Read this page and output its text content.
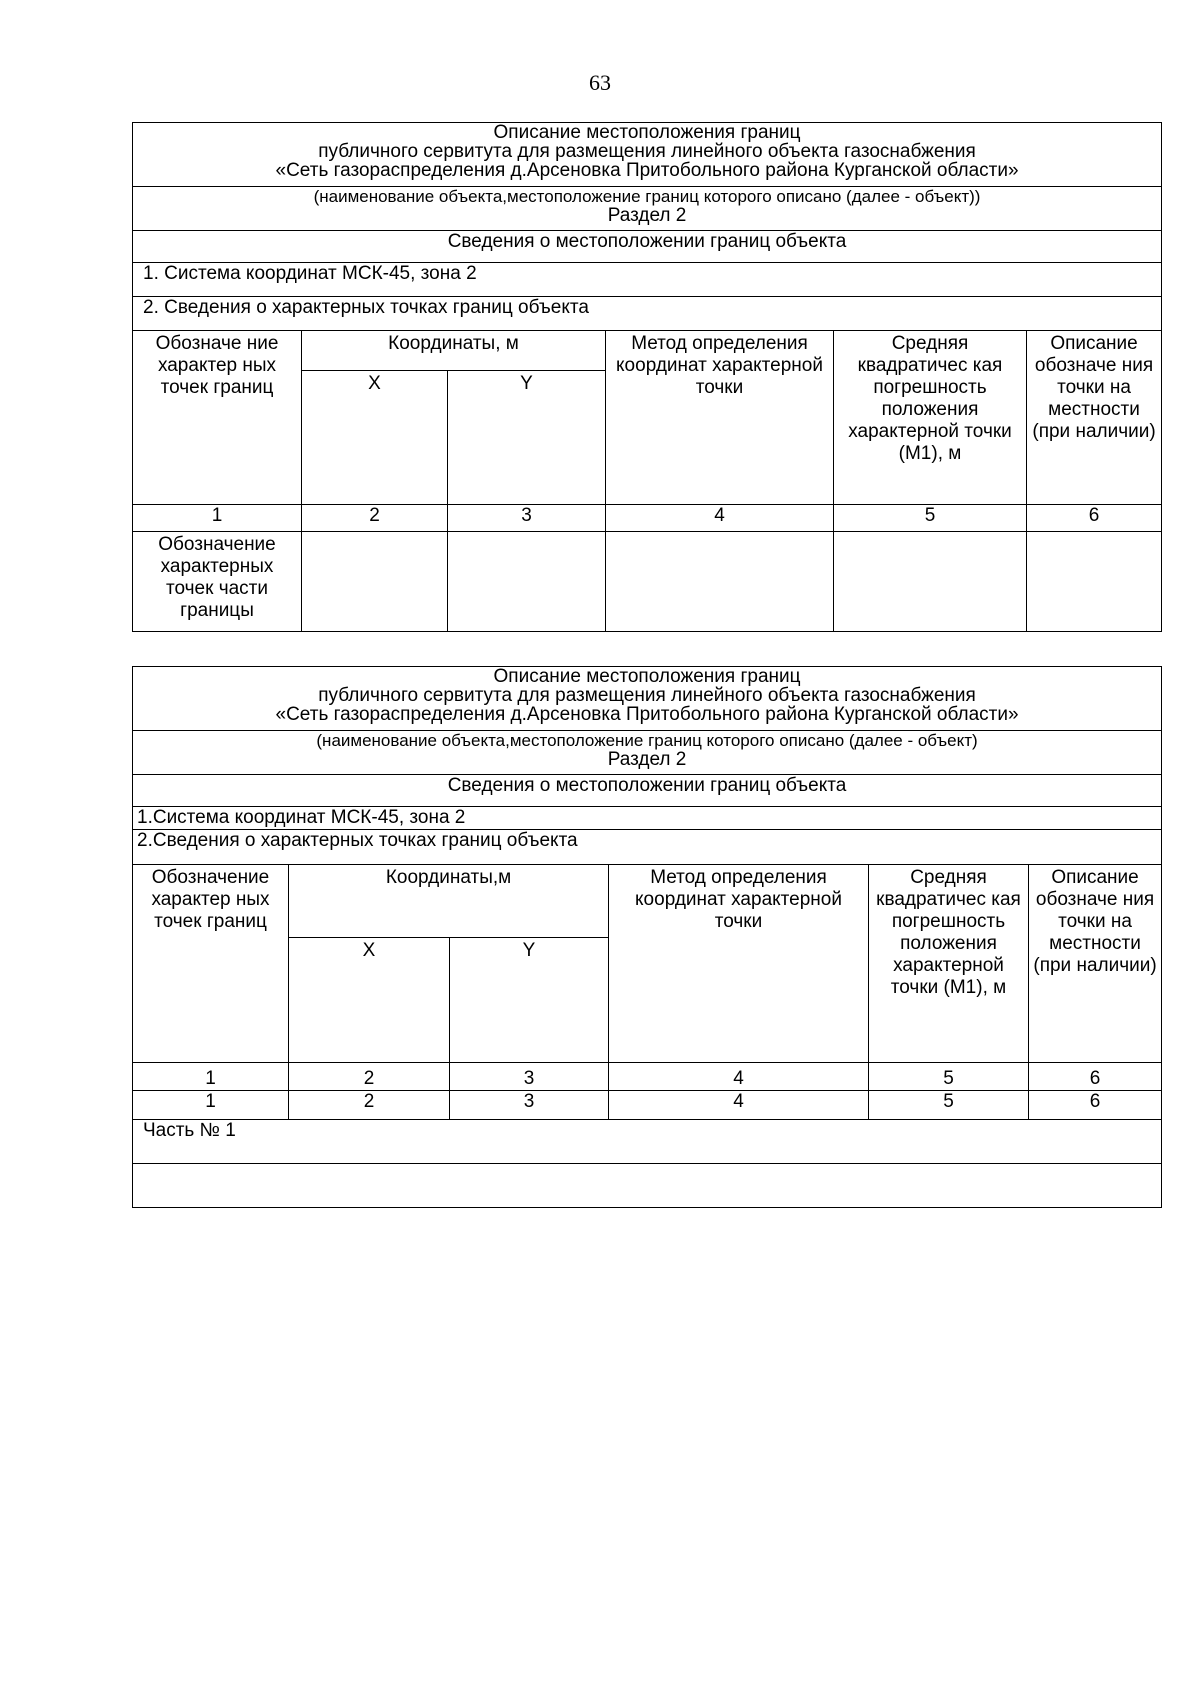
63
Описание местоположения границ
публичного сервитута для размещения линейного объекта газоснабжения
«Сеть газораспределения д.Арсеновка Притобольного района Курганской области»					

(наименование объекта,местоположение границ которого описано (далее - объект))
Раздел 2					

Сведения о местоположении границ объекта					
1. Система координат МСК-45, зона 2					
2. Сведения о характерных точках границ объекта					
Обозначе ние характер ных точек границ	Координаты, м		Метод определения координат характерной точки	Средняя квадратичес кая погрешность положения характерной точки (М1), м	Описание обозначе ния точки на местности (при наличии)
	X	Y			
1	2	3	4	5	6
Обозначение характерных точек части границы					
Описание местоположения границ
публичного сервитута для размещения линейного объекта газоснабжения
«Сеть газораспределения д.Арсеновка Притобольного района Курганской области»					

(наименование объекта,местоположение границ которого описано (далее - объект)
Раздел 2					

Сведения о местоположении границ объекта					
1.Система координат МСК-45, зона 2					
2.Сведения о характерных точках границ объекта					
Обозначение характер ных точек границ	Координаты,м		Метод определения координат характерной точки	Средняя квадратичес кая погрешность положения характерной точки (М1), м	Описание обозначе ния точки на местности (при наличии)
	X	Y			
1	2	3	4	5	6
1	2	3	4	5	6
Часть № 1					
